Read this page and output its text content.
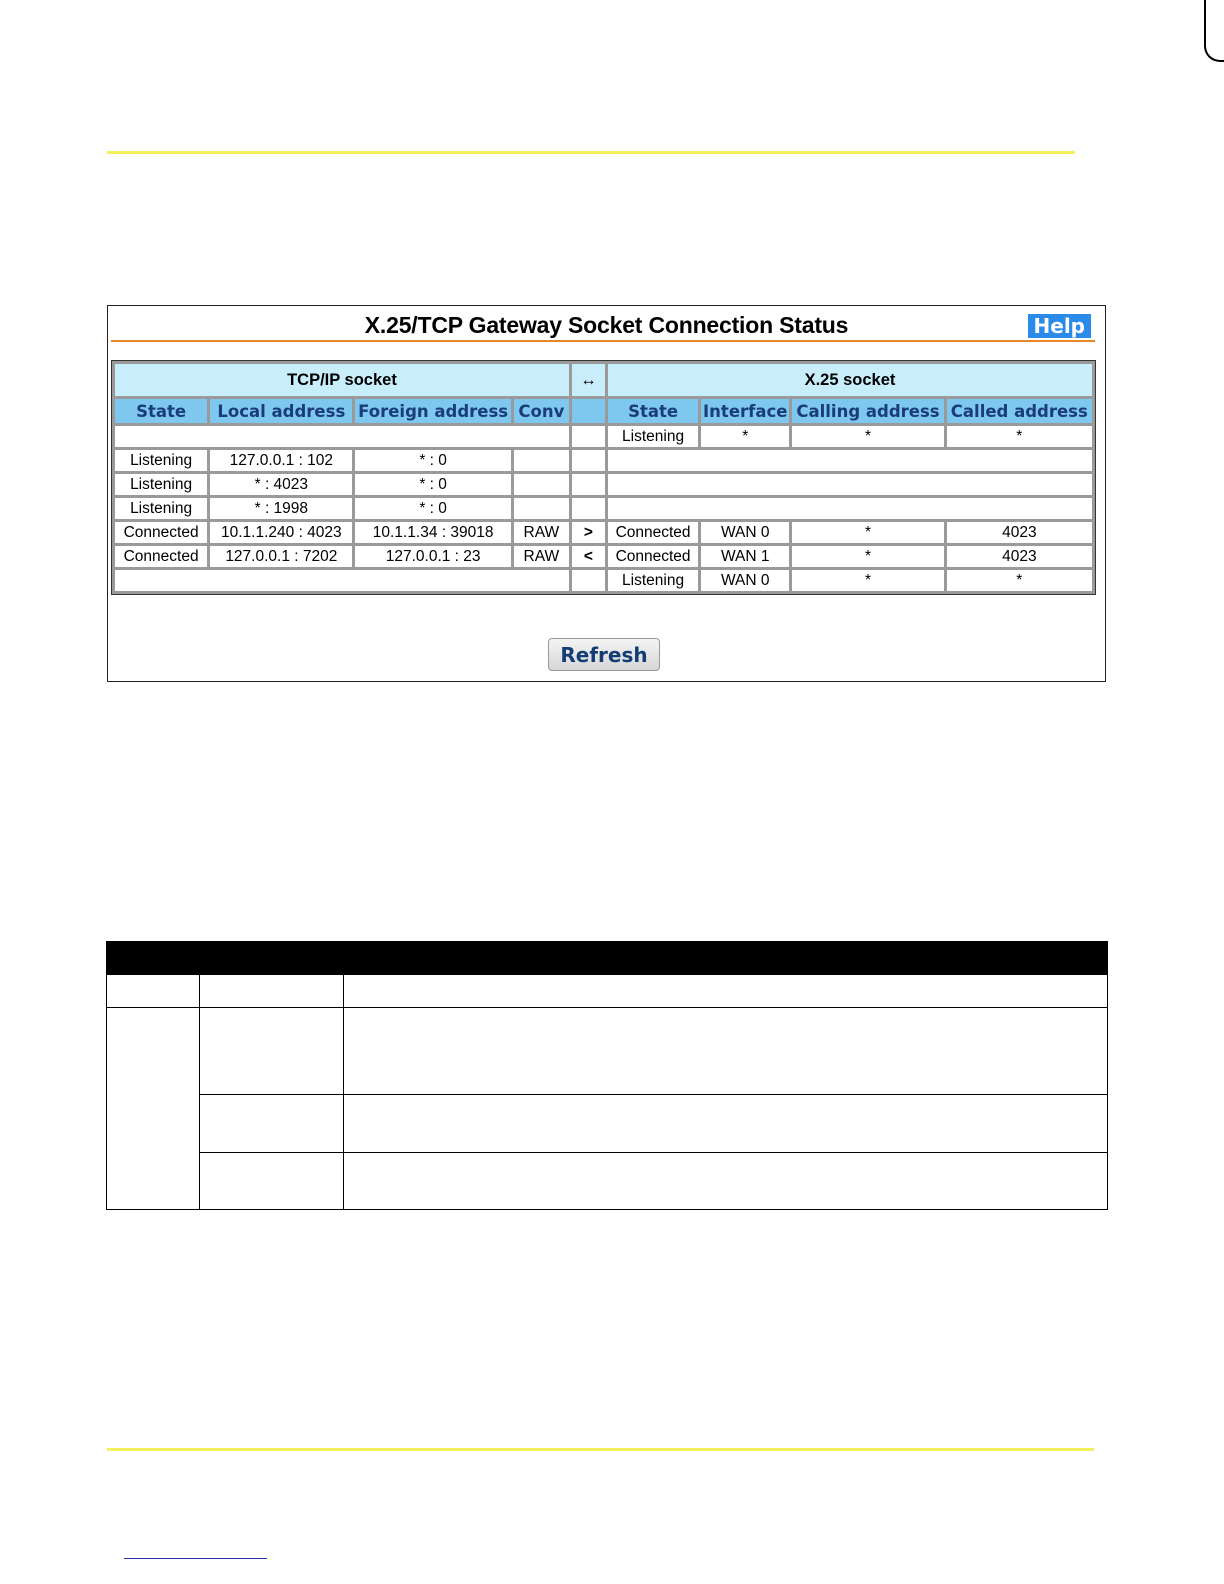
X.25/TCP Gateway Socket Connection Status	Help
TCP/IP socket				↔	X.25 socket			
State	Local address	Foreign address	Conv		State	Interface	Calling address	Called address
					Listening	*	*	*
Listening	127.0.0.1 : 102	* : 0						
Listening	* : 4023	* : 0						
Listening	* : 1998	* : 0						
Connected	10.1.1.240 : 4023	10.1.1.34 : 39018	RAW	>	Connected	WAN 0	*	4023
Connected	127.0.0.1 : 7202	127.0.0.1 : 23	RAW	<	Connected	WAN 1	*	4023
					Listening	WAN 0	*	*
Refresh
